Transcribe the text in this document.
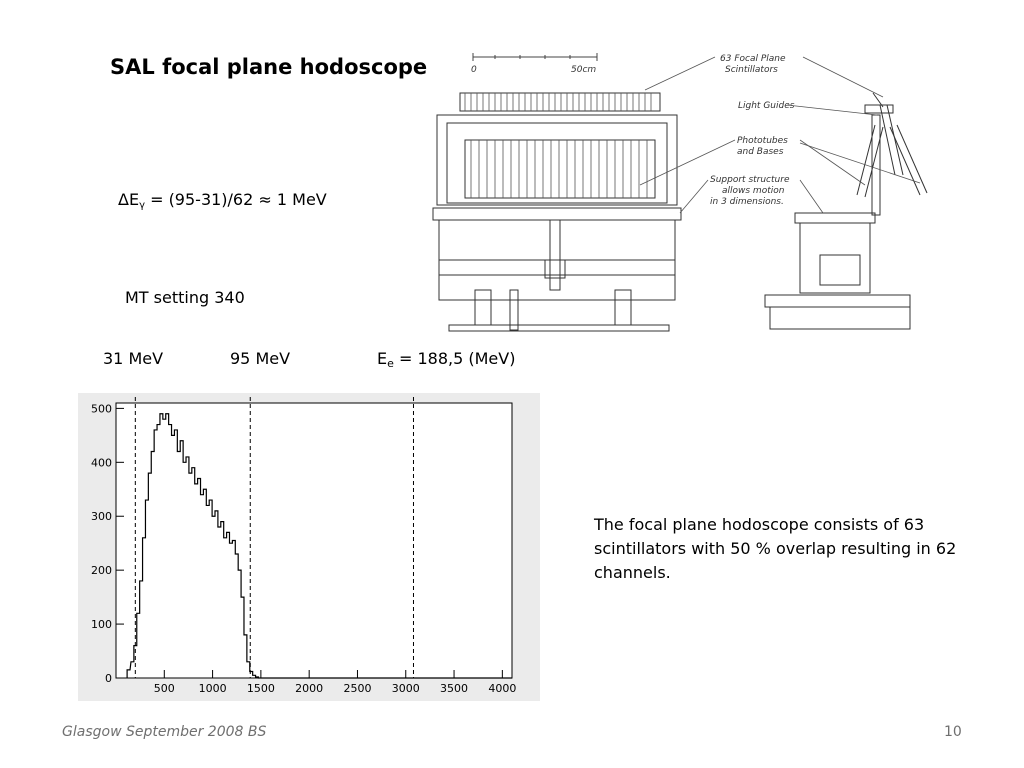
SAL focal plane hodoscope
$\Delta E_\gamma = (95-31)/62 \approx 1$ MeV
MT setting 340
31 MeV	95 MeV	$E_e = 188,5$ (MeV)
0	50cm
63 Focal Plane
Scintillators
Light Guides
Phototubes
and Bases
Support structure
allows motion
in 3 dimensions.
500 1000 1500 2000 2500 3000 3500 4000
0
100
200
300
400
500
The focal plane hodoscope consists of 63 scintillators with 50 % overlap resulting in 62 channels.
Glasgow September 2008 BS	10
